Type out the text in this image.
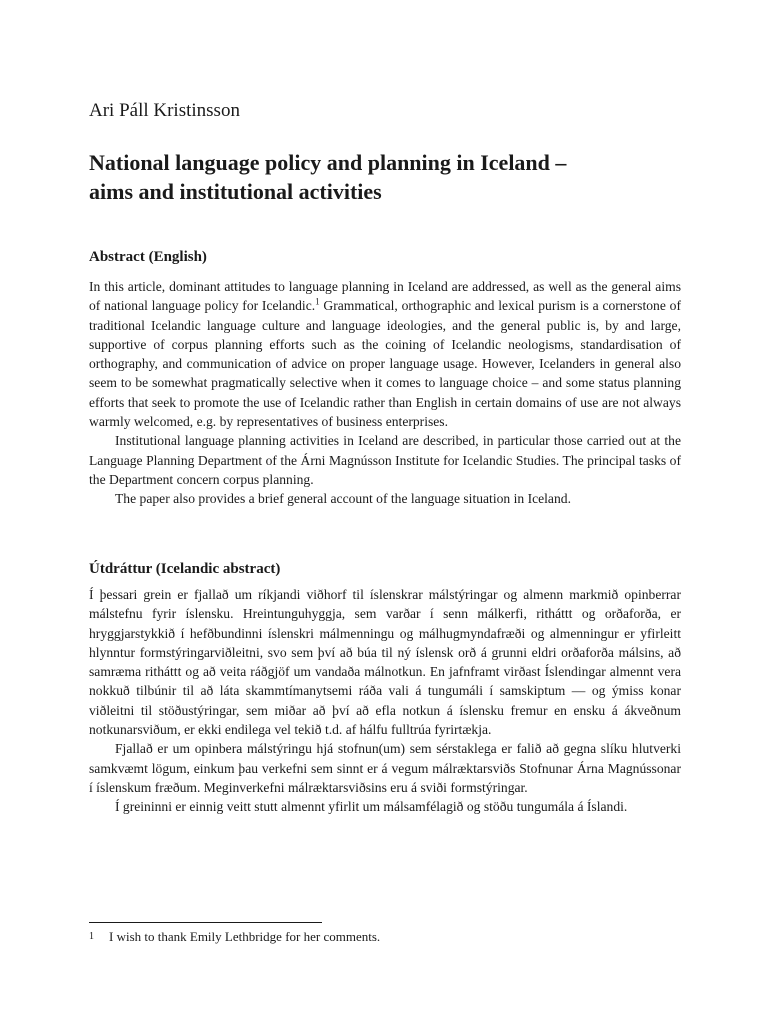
Ari Páll Kristinsson
National language policy and planning in Iceland –
aims and institutional activities
Abstract (English)

In this article, dominant attitudes to language planning in Iceland are addressed, as well as the general aims of national language policy for Icelandic.$^1$ Grammatical, orthographic and lexical purism is a cornerstone of traditional Icelandic language culture and language ideologies, and the general public is, by and large, supportive of corpus planning efforts such as the coining of Icelandic neologisms, standardisation of orthography, and communication of advice on proper language usage. However, Icelanders in general also seem to be somewhat pragmatically selective when it comes to language choice – and some status planning efforts that seek to promote the use of Icelandic rather than English in certain domains of use are not always warmly welcomed, e.g. by representatives of business enterprises.

Institutional language planning activities in Iceland are described, in particular those carried out at the Language Planning Department of the Árni Magnússon Institute for Icelandic Studies. The principal tasks of the Department concern corpus planning.

The paper also provides a brief general account of the language situation in Iceland.

Útdráttur (Icelandic abstract)

Í þessari grein er fjallað um ríkjandi viðhorf til íslenskrar málstýringar og almenn markmið opinberrar málstefnu fyrir íslensku. Hreintunguhyggja, sem varðar í senn málkerfi, ritháttt og orðaforða, er hryggjarstykkið í hefðbundinni íslenskri málmenningu og málhugmyndafræði og almenningur er yfirleitt hlynntur formstýringarviðleitni, svo sem því að búa til ný íslensk orð á grunni eldri orðaforða málsins, að samræma ritháttt og að veita ráðgjöf um vandaða málnotkun. En jafnframt virðast Íslendingar almennt vera nokkuð tilbúnir til að láta skammtímanytsemi ráða vali á tungumáli í samskiptum — og ýmiss konar viðleitni til stöðustýringar, sem miðar að því að efla notkun á íslensku fremur en ensku á ákveðnum notkunarsviðum, er ekki endilega vel tekið t.d. af hálfu fulltrúa fyrirtækja.

Fjallað er um opinbera málstýringu hjá stofnun(um) sem sérstaklega er falið að gegna slíku hlutverki samkvæmt lögum, einkum þau verkefni sem sinnt er á vegum málræktarsviðs Stofnunar Árna Magnússonar í íslenskum fræðum. Meginverkefni málræktarsviðsins eru á sviði formstýringar.

Í greininni er einnig veitt stutt almennt yfirlit um málsamfélagið og stöðu tungumála á Íslandi.

1 I wish to thank Emily Lethbridge for her comments.
